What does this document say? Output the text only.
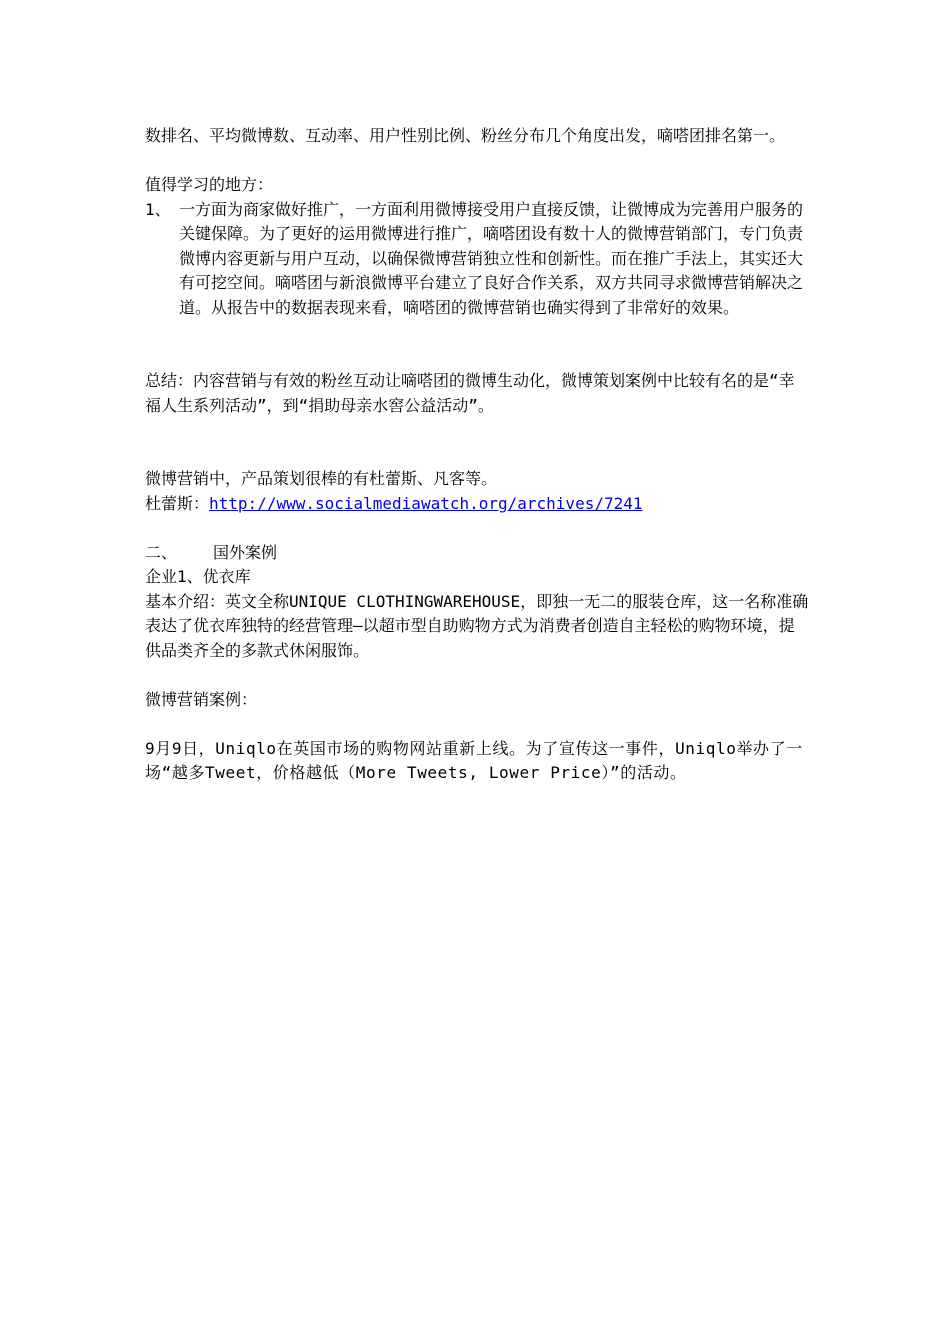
数排名、平均微博数、互动率、用户性别比例、粉丝分布几个角度出发，嘀嗒团排名第一。

值得学习的地方：

1、 一方面为商家做好推广，一方面利用微博接受用户直接反馈，让微博成为完善用户服务的关键保障。为了更好的运用微博进行推广，嘀嗒团设有数十人的微博营销部门，专门负责微博内容更新与用户互动，以确保微博营销独立性和创新性。而在推广手法上，其实还大有可挖空间。嘀嗒团与新浪微博平台建立了良好合作关系，双方共同寻求微博营销解决之道。从报告中的数据表现来看，嘀嗒团的微博营销也确实得到了非常好的效果。

总结：内容营销与有效的粉丝互动让嘀嗒团的微博生动化，微博策划案例中比较有名的是“幸福人生系列活动”，到“捐助母亲水窖公益活动”。

微博营销中，产品策划很棒的有杜蕾斯、凡客等。

杜蕾斯：http://www.socialmediawatch.org/archives/7241

二、 国外案例

企业1、优衣库

基本介绍：英文全称UNIQUE CLOTHINGWAREHOUSE，即独一无二的服装仓库，这一名称准确表达了优衣库独特的经营管理—以超市型自助购物方式为消费者创造自主轻松的购物环境，提供品类齐全的多款式休闲服饰。

微博营销案例：

9月9日，Uniqlo在英国市场的购物网站重新上线。为了宣传这一事件，Uniqlo举办了一场“越多Tweet，价格越低（More Tweets, Lower Price）”的活动。
